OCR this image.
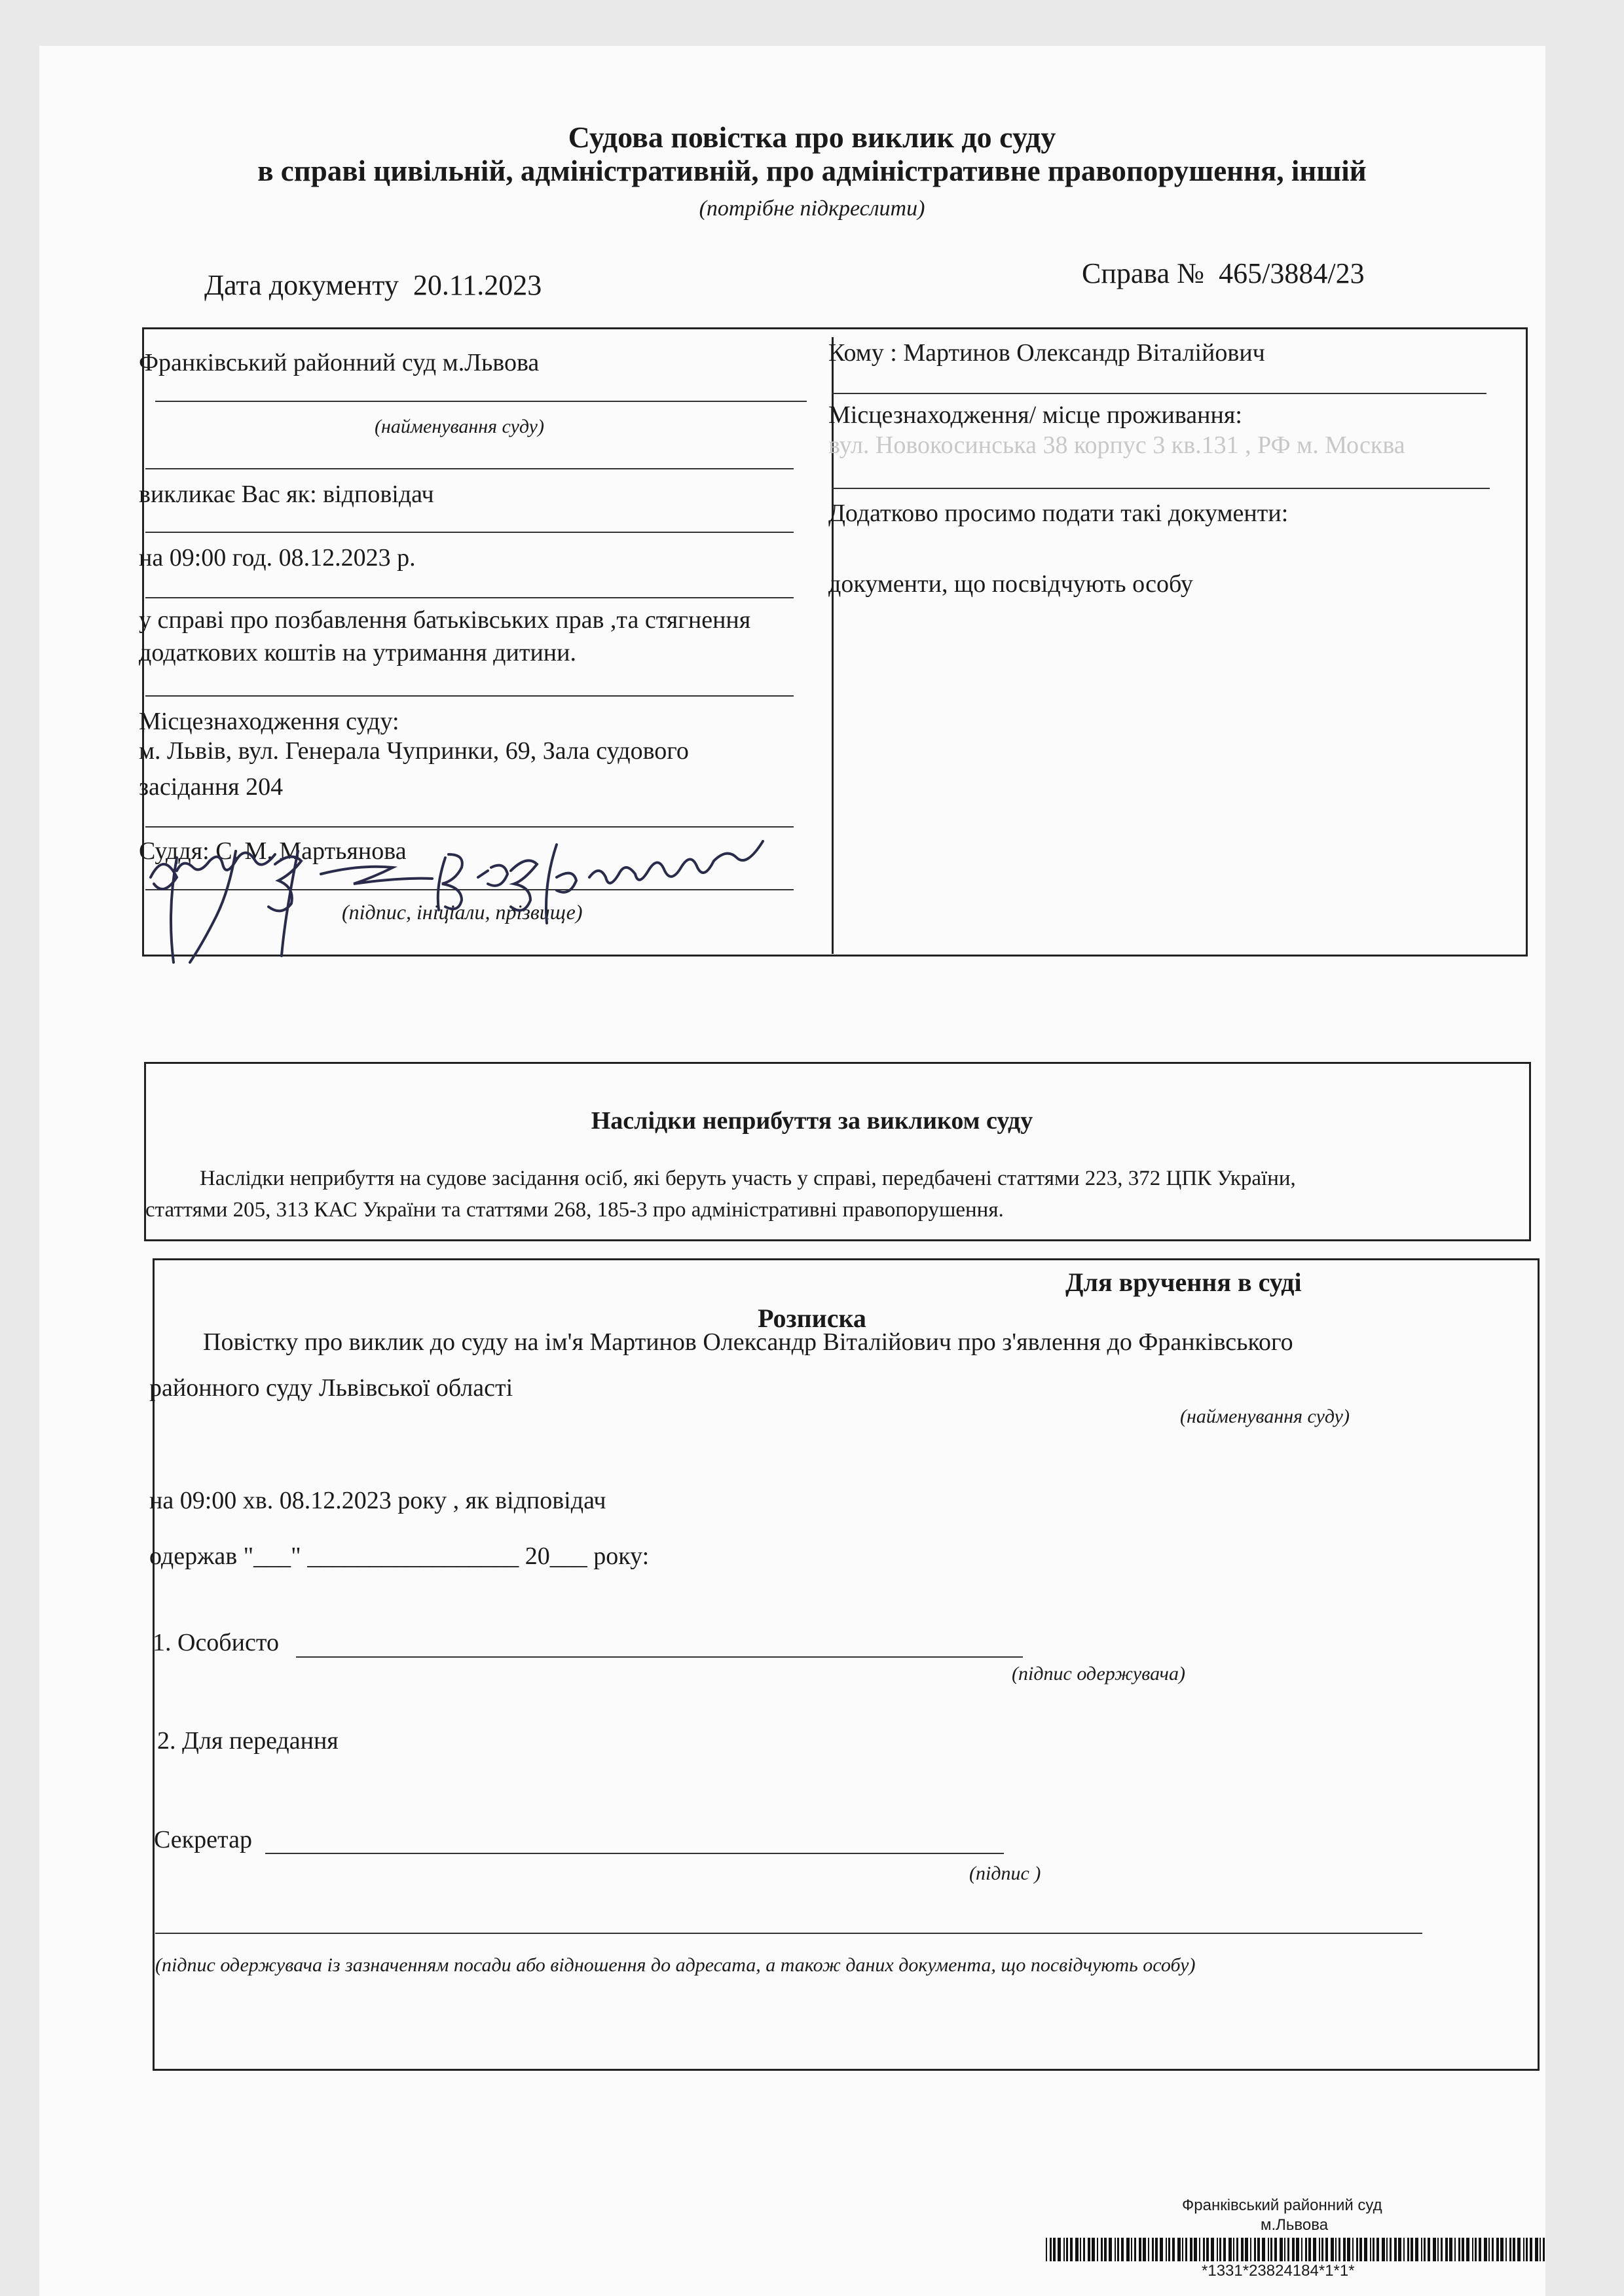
Судова повістка про виклик до суду
в справі цивільній, адміністративній, про адміністративне правопорушення, іншій
(потрібне підкреслити)
Дата документу 20.11.2023	Справа № 465/3884/23
Франківський районний суд м.Львова
(найменування суду)
викликає Вас як: відповідач
на 09:00 год. 08.12.2023 р.
у справі про позбавлення батьківських прав ,та стягнення
додаткових коштів на утримання дитини.
Місцезнаходження суду:
м. Львів, вул. Генерала Чупринки, 69, Зала судового
засідання 204
Суддя: С. М. Мартьянова
(підпис, ініціали, прізвище)
Кому : Мартинов Олександр Віталійович
Місцезнаходження/ місце проживання:
вул. Новокосинська 38 корпус 3 кв.131 , РФ м. Москва
Додатково просимо подати такі документи:
документи, що посвідчують особу
Наслідки неприбуття за викликом суду
Наслідки неприбуття на судове засідання осіб, які беруть участь у справі, передбачені статтями 223, 372 ЦПК України,
статтями 205, 313 КАС України та статтями 268, 185-3 про адміністративні правопорушення.
Для вручення в суді
Розписка
Повістку про виклик до суду на ім'я Мартинов Олександр Віталійович про з'явлення до Франківського
районного суду Львівської області
(найменування суду)
на 09:00 хв. 08.12.2023 року , як відповідач
одержав "___" _________________ 20___ року:
1. Особисто
(підпис одержувача)
2. Для передання
Секретар
(підпис )
(підпис одержувача із зазначенням посади або відношення до адресата, а також даних документа, що посвідчують особу)
Франківський районний суд
м.Львова
*1331*23824184*1*1*
